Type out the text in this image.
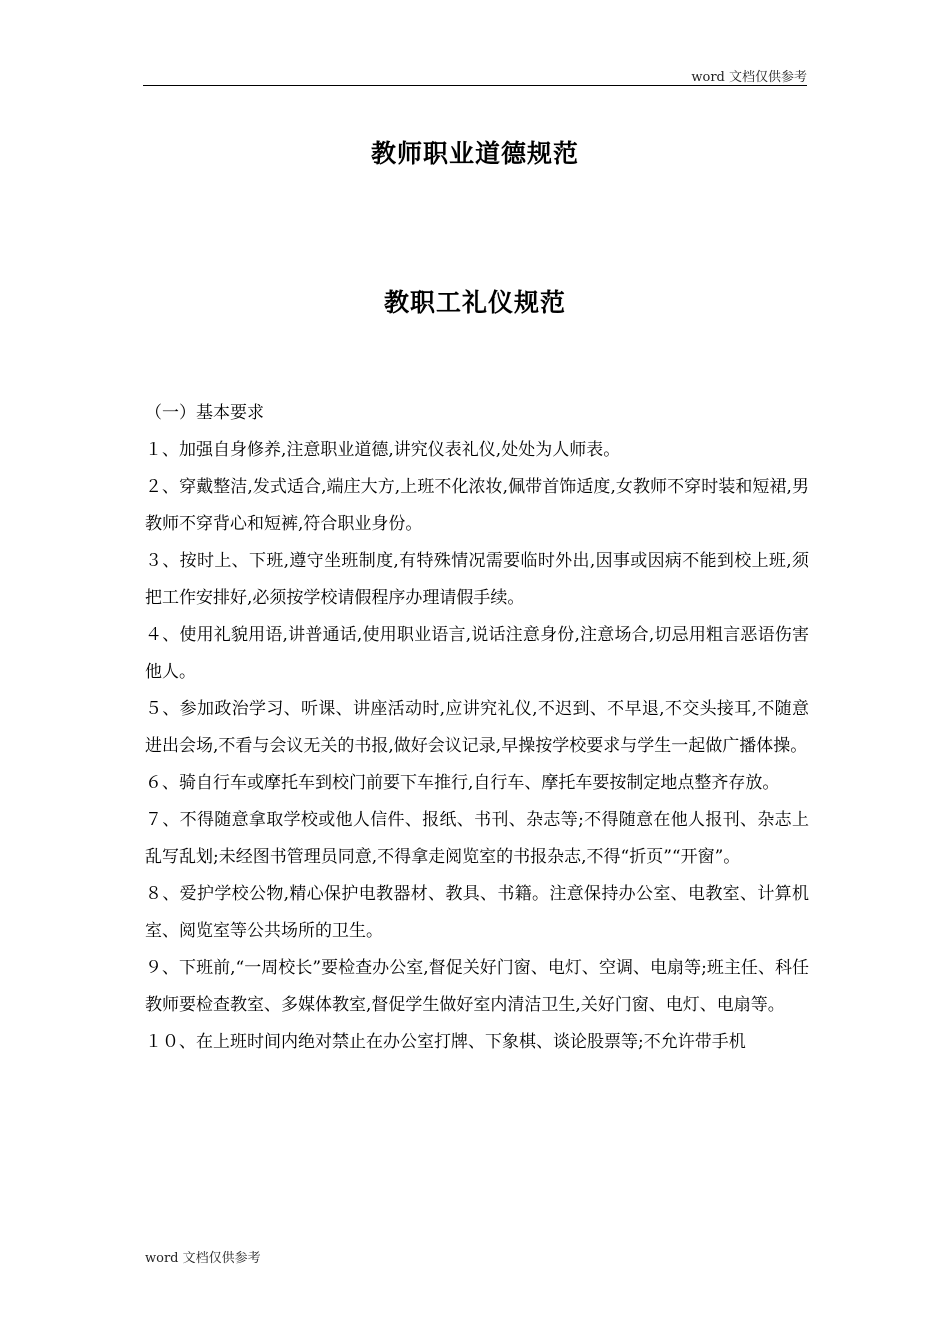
word 文档仅供参考
教师职业道德规范
教职工礼仪规范

（一）基本要求

１、加强自身修养,注意职业道德,讲究仪表礼仪,处处为人师表。

２、穿戴整洁,发式适合,端庄大方,上班不化浓妆,佩带首饰适度,女教师不穿时装和短裙,男教师不穿背心和短裤,符合职业身份。

３、按时上、下班,遵守坐班制度,有特殊情况需要临时外出,因事或因病不能到校上班,须把工作安排好,必须按学校请假程序办理请假手续。

４、使用礼貌用语,讲普通话,使用职业语言,说话注意身份,注意场合,切忌用粗言恶语伤害他人。

５、参加政治学习、听课、讲座活动时,应讲究礼仪,不迟到、不早退,不交头接耳,不随意进出会场,不看与会议无关的书报,做好会议记录,早操按学校要求与学生一起做广播体操。

６、骑自行车或摩托车到校门前要下车推行,自行车、摩托车要按制定地点整齐存放。

７、不得随意拿取学校或他人信件、报纸、书刊、杂志等;不得随意在他人报刊、杂志上乱写乱划;未经图书管理员同意,不得拿走阅览室的书报杂志,不得“折页”“开窗”。

８、爱护学校公物,精心保护电教器材、教具、书籍。注意保持办公室、电教室、计算机室、阅览室等公共场所的卫生。

９、下班前,“一周校长”要检查办公室,督促关好门窗、电灯、空调、电扇等;班主任、科任教师要检查教室、多媒体教室,督促学生做好室内清洁卫生,关好门窗、电灯、电扇等。

１０、在上班时间内绝对禁止在办公室打牌、下象棋、谈论股票等;不允许带手机

word 文档仅供参考
